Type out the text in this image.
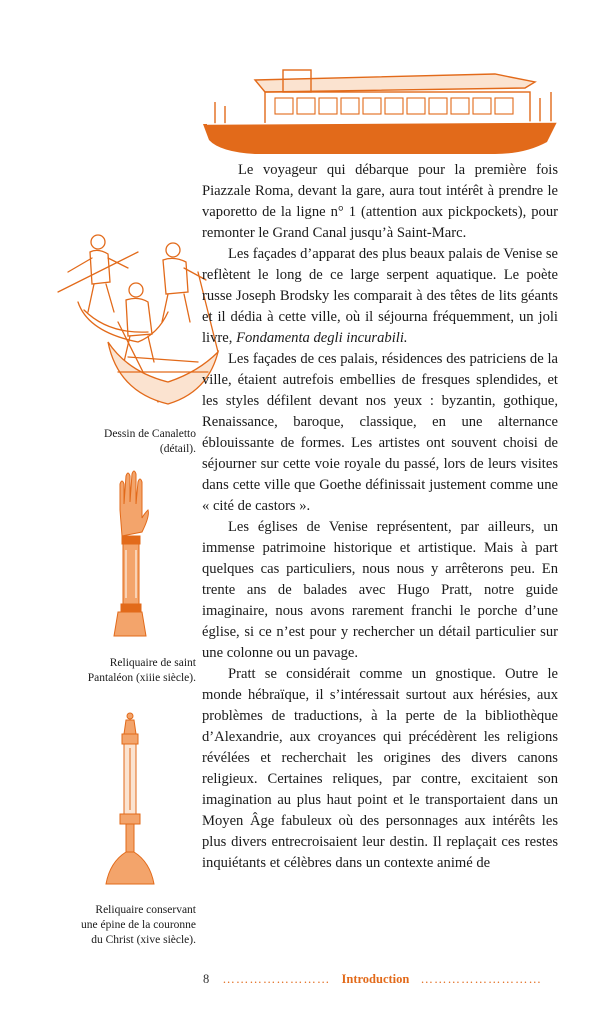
Dessin de Canaletto
(détail).
Reliquaire de saint
Pantaléon (xiiie siècle).
Reliquaire conservant
une épine de la couronne
du Christ (xive siècle).

Le voyageur qui débarque pour la première fois Piazzale Roma, devant la gare, aura tout intérêt à prendre le vaporetto de la ligne n° 1 (attention aux pickpockets), pour remonter le Grand Canal jusqu’à Saint-Marc.

Les façades d’apparat des plus beaux palais de Venise se reflètent le long de ce large serpent aquatique. Le poète russe Joseph Brodsky les comparait à des têtes de lits géants et il dédia à cette ville, où il séjourna fréquemment, un joli livre, Fondamenta degli incurabili.

Les façades de ces palais, résidences des patriciens de la ville, étaient autrefois embellies de fresques splendides, et les styles défilent devant nos yeux : byzantin, gothique, Renaissance, baroque, classique, en une alternance éblouissante de formes. Les artistes ont souvent choisi de séjourner sur cette voie royale du passé, lors de leurs visites dans cette ville que Goethe définissait justement comme une « cité de castors ».

Les églises de Venise représentent, par ailleurs, un immense patrimoine historique et artistique. Mais à part quelques cas particuliers, nous nous y arrêterons peu. En trente ans de balades avec Hugo Pratt, notre guide imaginaire, nous avons rarement franchi le porche d’une église, si ce n’est pour y rechercher un détail particulier sur une colonne ou un pavage.

Pratt se considérait comme un gnostique. Outre le monde hébraïque, il s’intéressait surtout aux hérésies, aux problèmes de traductions, à la perte de la bibliothèque d’Alexandrie, aux croyances qui précédèrent les religions révélées et recherchait les origines des divers canons religieux. Certaines reliques, par contre, excitaient son imagination au plus haut point et le transportaient dans un Moyen Âge fabuleux où des personnages aux intérêts les plus divers entrecroisaient leur destin. Il replaçait ces restes inquiétants et célèbres dans un contexte animé de

8 …………………… Introduction ………………………
